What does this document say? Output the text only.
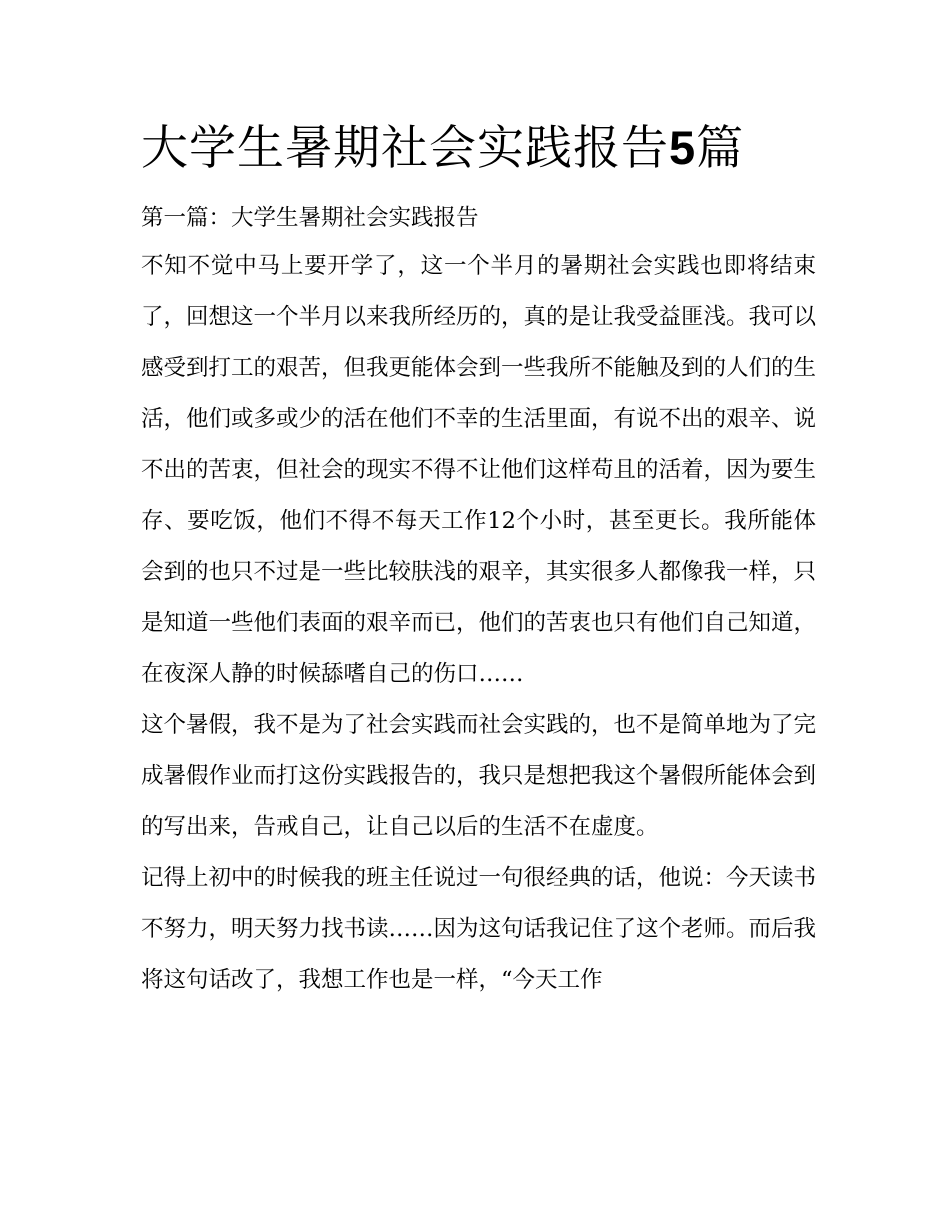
大学生暑期社会实践报告5篇

第一篇：大学生暑期社会实践报告

不知不觉中马上要开学了，这一个半月的暑期社会实践也即将结束了，回想这一个半月以来我所经历的，真的是让我受益匪浅。我可以感受到打工的艰苦，但我更能体会到一些我所不能触及到的人们的生活，他们或多或少的活在他们不幸的生活里面，有说不出的艰辛、说不出的苦衷，但社会的现实不得不让他们这样苟且的活着，因为要生存、要吃饭，他们不得不每天工作12个小时，甚至更长。我所能体会到的也只不过是一些比较肤浅的艰辛，其实很多人都像我一样，只是知道一些他们表面的艰辛而已，他们的苦衷也只有他们自己知道，在夜深人静的时候舔嗜自己的伤口……

这个暑假，我不是为了社会实践而社会实践的，也不是简单地为了完成暑假作业而打这份实践报告的，我只是想把我这个暑假所能体会到的写出来，告戒自己，让自己以后的生活不在虚度。

记得上初中的时候我的班主任说过一句很经典的话，他说：今天读书不努力，明天努力找书读……因为这句话我记住了这个老师。而后我将这句话改了，我想工作也是一样，“今天工作
